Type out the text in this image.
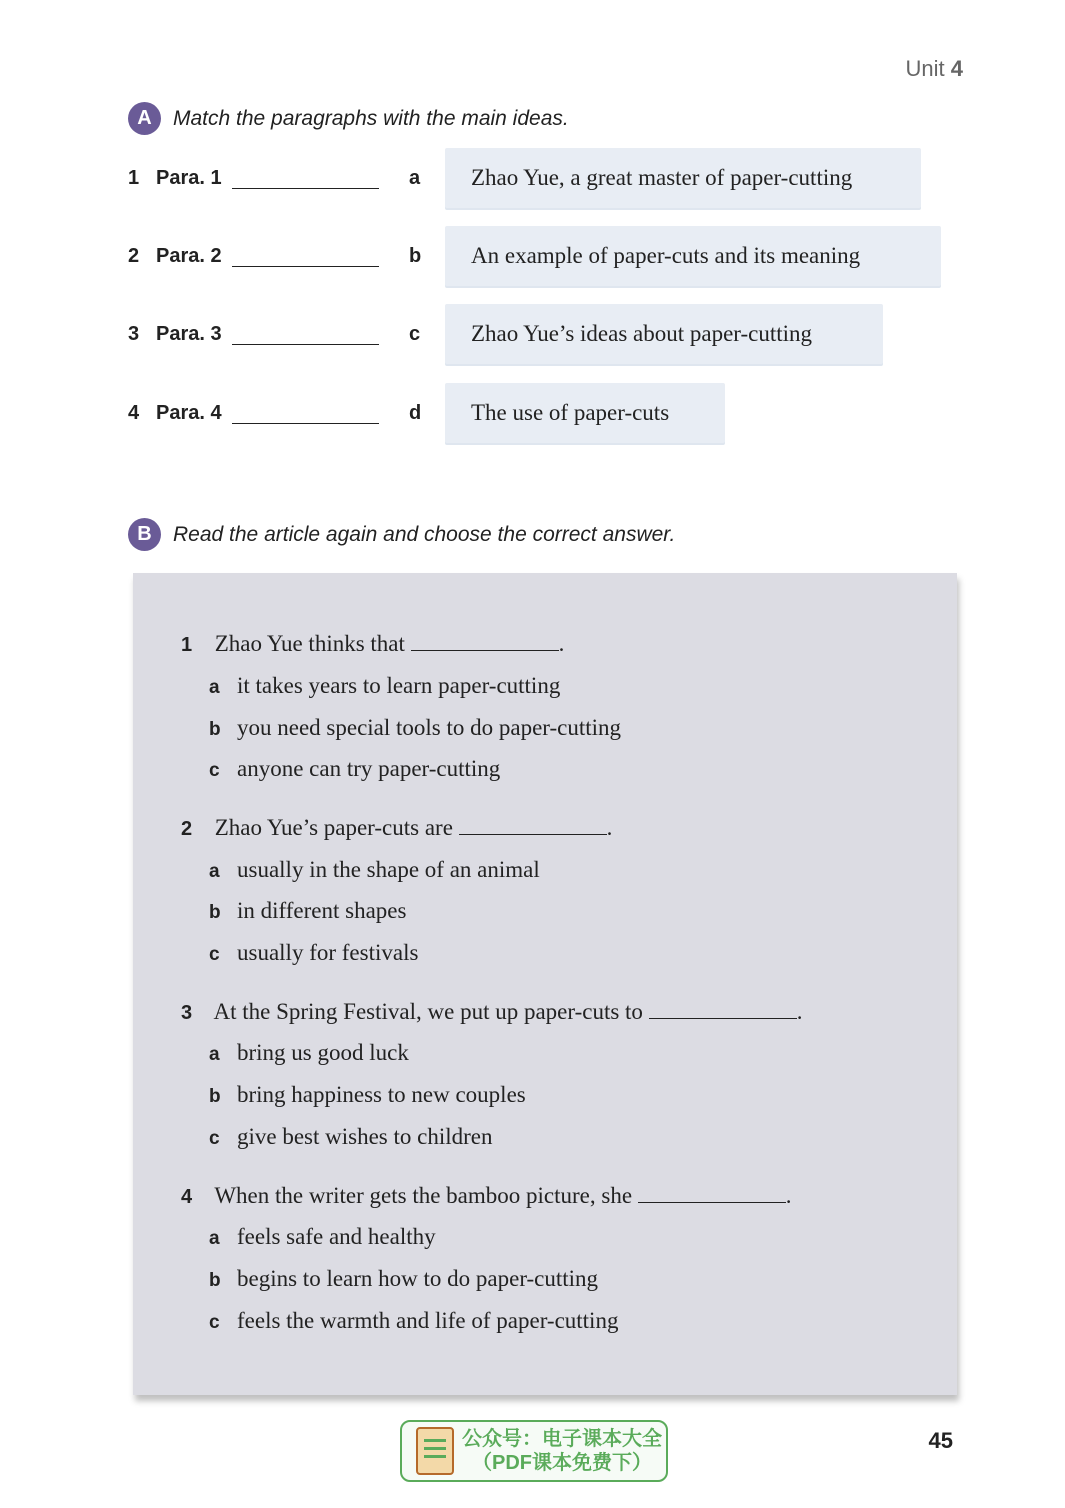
Unit 4
A	Match the paragraphs with the main ideas.
1 Para. 1	a	Zhao Yue, a great master of paper-cutting
2 Para. 2	b	An example of paper-cuts and its meaning
3 Para. 3	c	Zhao Yue’s ideas about paper-cutting
4 Para. 4	d	The use of paper-cuts
B	Read the article again and choose the correct answer.
1 Zhao Yue thinks that	.
a it takes years to learn paper-cutting
b you need special tools to do paper-cutting
c anyone can try paper-cutting
2 Zhao Yue’s paper-cuts are	.
a usually in the shape of an animal
b in different shapes
c usually for festivals
3 At the Spring Festival, we put up paper-cuts to	.
a bring us good luck
b bring happiness to new couples
c give best wishes to children
4 When the writer gets the bamboo picture, she	.
a feels safe and healthy
b begins to learn how to do paper-cutting
c feels the warmth and life of paper-cutting
公众号：电子课本大全
（PDF课本免费下）
45
